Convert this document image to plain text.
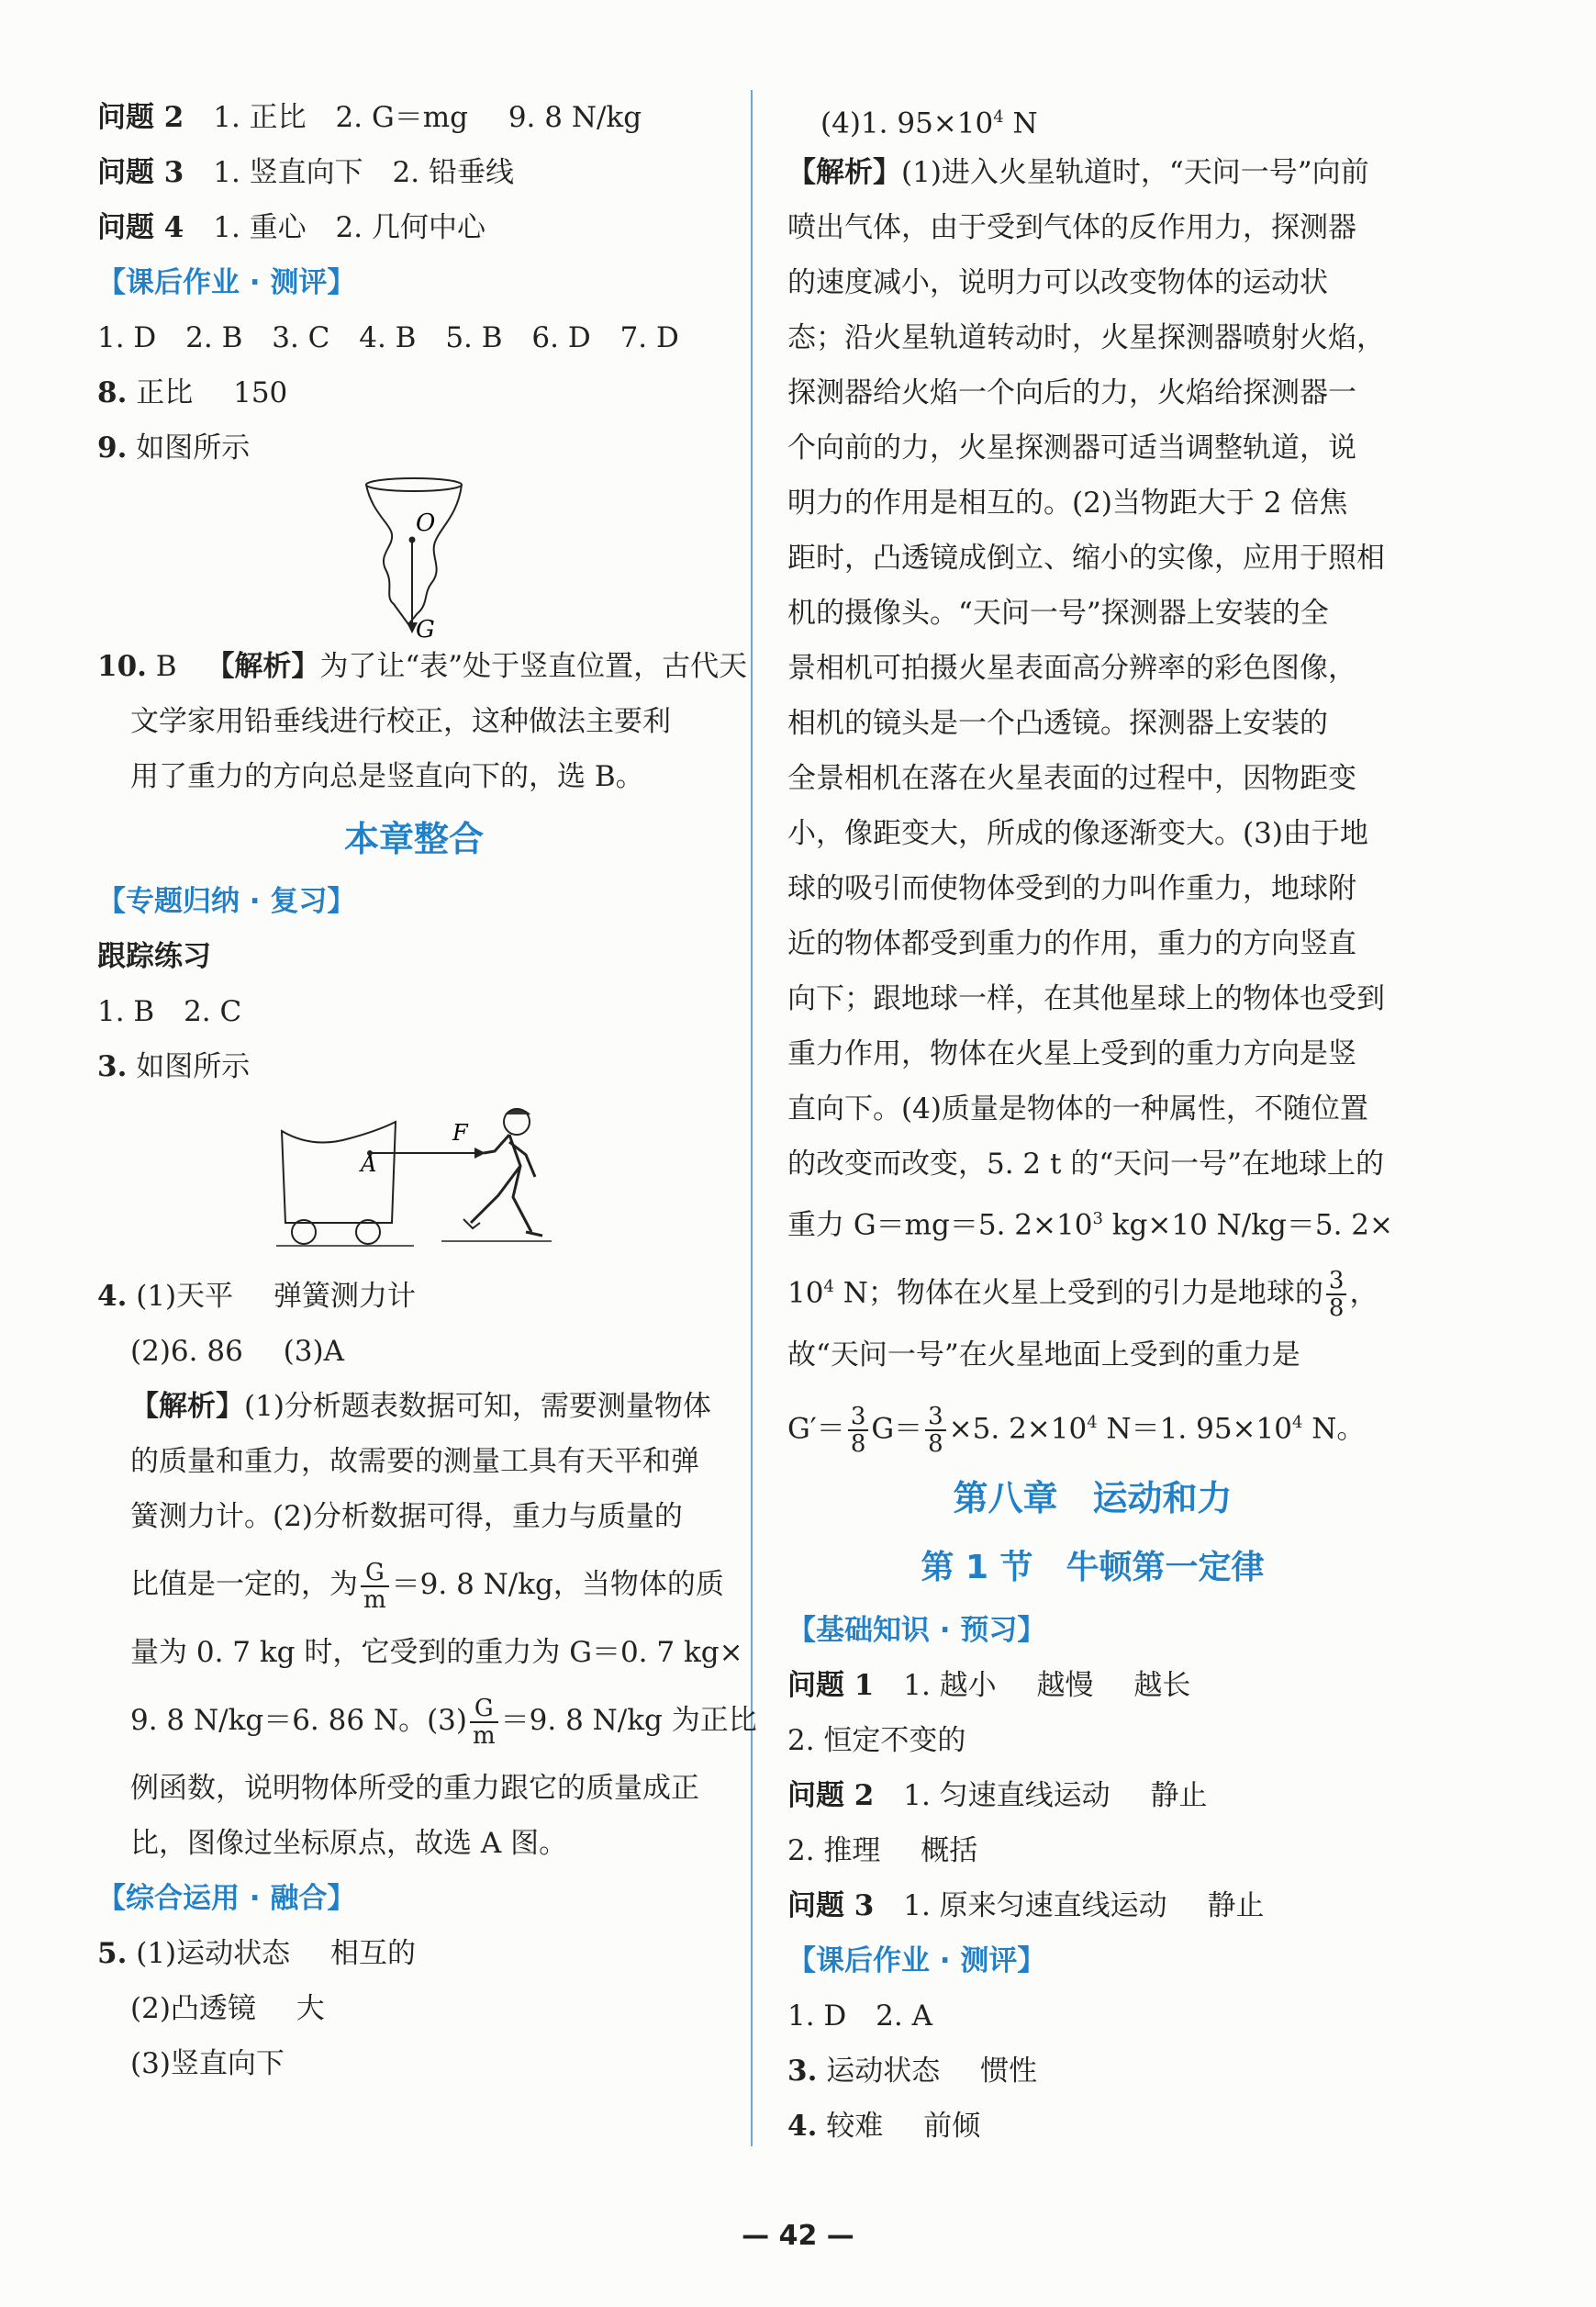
问题 2 1. 正比 2. G＝mg 9. 8 N/kg
问题 3 1. 竖直向下 2. 铅垂线
问题 4 1. 重心 2. 几何中心
【课后作业 · 测评】
1. D 2. B 3. C 4. B 5. B 6. D 7. D
8. 正比 150
9. 如图所示
O
G
10. B 【解析】为了让“表”处于竖直位置，古代天
文学家用铅垂线进行校正，这种做法主要利
用了重力的方向总是竖直向下的，选 B。
本章整合
【专题归纳 · 复习】
跟踪练习
1. B 2. C
3. 如图所示
A
F
4. (1)天平 弹簧测力计
(2)6. 86 (3)A
【解析】(1)分析题表数据可知，需要测量物体
的质量和重力，故需要的测量工具有天平和弹
簧测力计。(2)分析数据可得，重力与质量的
比值是一定的，为 $\frac{G}{m} =9$. 8 N/kg，当物体的质
量为 0. 7 kg 时，它受到的重力为 G＝0. 7 kg×
9. 8 N/kg＝6. 86 N。$(3) \frac{G}{m} =9$. 8 N/kg 为正比
例函数，说明物体所受的重力跟它的质量成正
比，图像过坐标原点，故选 A 图。
【综合运用 · 融合】
5. (1)运动状态 相互的
(2)凸透镜 大
(3)竖直向下
(4)1. $95\times 10^4$ N
【解析】(1)进入火星轨道时，“天问一号”向前
喷出气体，由于受到气体的反作用力，探测器
的速度减小，说明力可以改变物体的运动状
态；沿火星轨道转动时，火星探测器喷射火焰，
探测器给火焰一个向后的力，火焰给探测器一
个向前的力，火星探测器可适当调整轨道，说
明力的作用是相互的。(2)当物距大于 2 倍焦
距时，凸透镜成倒立、缩小的实像，应用于照相
机的摄像头。“天问一号”探测器上安装的全
景相机可拍摄火星表面高分辨率的彩色图像，
相机的镜头是一个凸透镜。探测器上安装的
全景相机在落在火星表面的过程中，因物距变
小，像距变大，所成的像逐渐变大。(3)由于地
球的吸引而使物体受到的力叫作重力，地球附
近的物体都受到重力的作用，重力的方向竖直
向下；跟地球一样，在其他星球上的物体也受到
重力作用，物体在火星上受到的重力方向是竖
直向下。(4)质量是物体的一种属性，不随位置
的改变而改变，5. 2 t 的“天问一号”在地球上的
重力 G＝mg＝5. $2\times 10^3$ kg×10 N/kg＝5. 2×
$10^4$ N；物体在火星上受到的引力是地球的 $\frac{3}{8}$ ，
故“天问一号”在火星地面上受到的重力是
$G'= \frac{3}{8} G= \frac{3}{8} \times 5$. $2\times 10^4$ N＝1. $95\times 10^4$ N。
第八章　运动和力
第 1 节　牛顿第一定律
【基础知识 · 预习】
问题 1 1. 越小 越慢 越长
2. 恒定不变的
问题 2 1. 匀速直线运动 静止
2. 推理 概括
问题 3 1. 原来匀速直线运动 静止
【课后作业 · 测评】
1. D 2. A
3. 运动状态 惯性
4. 较难 前倾
— 42 —
